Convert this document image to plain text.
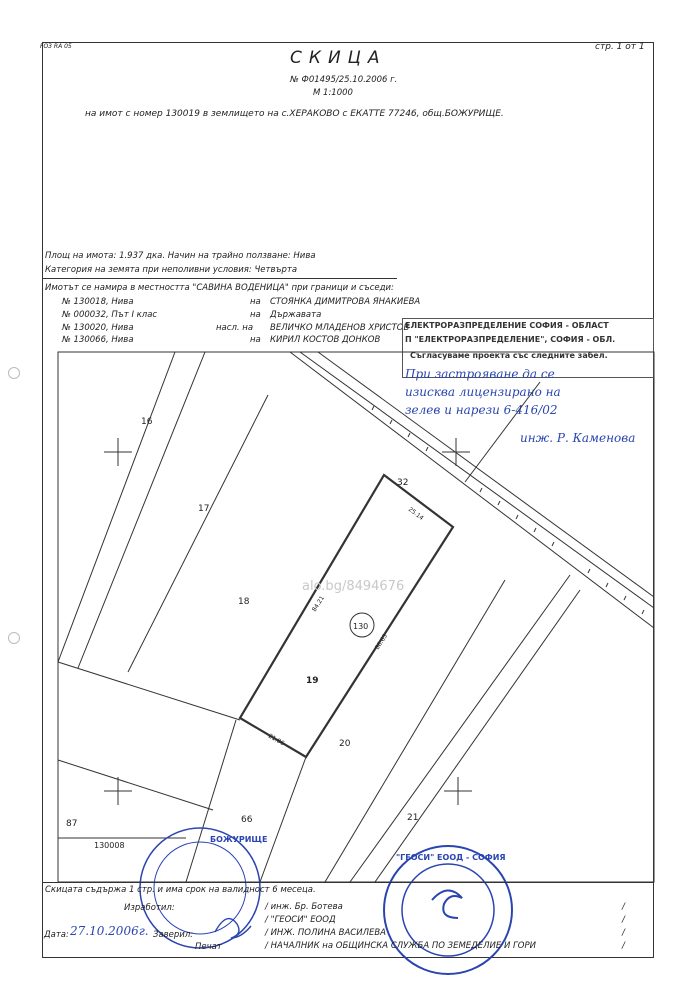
FO3 RA 05	стр. 1 от 1
СКИЦА
№ Ф01495/25.10.2006 г.
М 1:1000
на имот с номер 130019 в землището на с.ХЕРАКОВО с ЕКАТТЕ 77246, общ.БОЖУРИЩЕ.
Площ на имота: 1.937 дка. Начин на трайно ползване: Нива
Категория на земята при неполивни условия: Четвърта
Имотът се намира в местността "САВИНА ВОДЕНИЦА" при граници и съседи:
№ 130018, Нива	на СТОЯНКА ДИМИТРОВА ЯНАКИЕВА
№ 000032, Път I клас	на Държавата
№ 130020, Нива	насл. на ВЕЛИЧКО МЛАДЕНОВ ХРИСТОВ
№ 130066, Нива	на КИРИЛ КОСТОВ ДОНКОВ
ЕЛЕКТРОРАЗПРЕДЕЛЕНИЕ СОФИЯ - ОБЛАСТ
П "ЕЛЕКТРОРАЗПРЕДЕЛЕНИЕ", СОФИЯ - ОБЛ.
Съгласуваме проекта със следните забел.
При застрояване да се
изисква лицензирано на
зелев и нарези 6-416/02
инж. Р. Каменова
16
17
18
19
20
21
32
66
87
130
130008
25.14
84.21
86.63
21.86
alo.bg/8494676
"ГЕОСИ" ЕООД - СОФИЯ
БОЖУРИЩЕ
Скицата съдържа 1 стр. и има срок на валидност 6 месеца.
Изработил:
Дата: 27.10.2006г. Заверил:
Печат
/ инж. Бр. Ботева
/ "ГЕОСИ" ЕООД
/ ИНЖ. ПОЛИНА ВАСИЛЕВА
/ НАЧАЛНИК на ОБЩИНСКА СЛУЖБА ПО ЗЕМЕДЕЛИЕ И ГОРИ
/
/
/
/
